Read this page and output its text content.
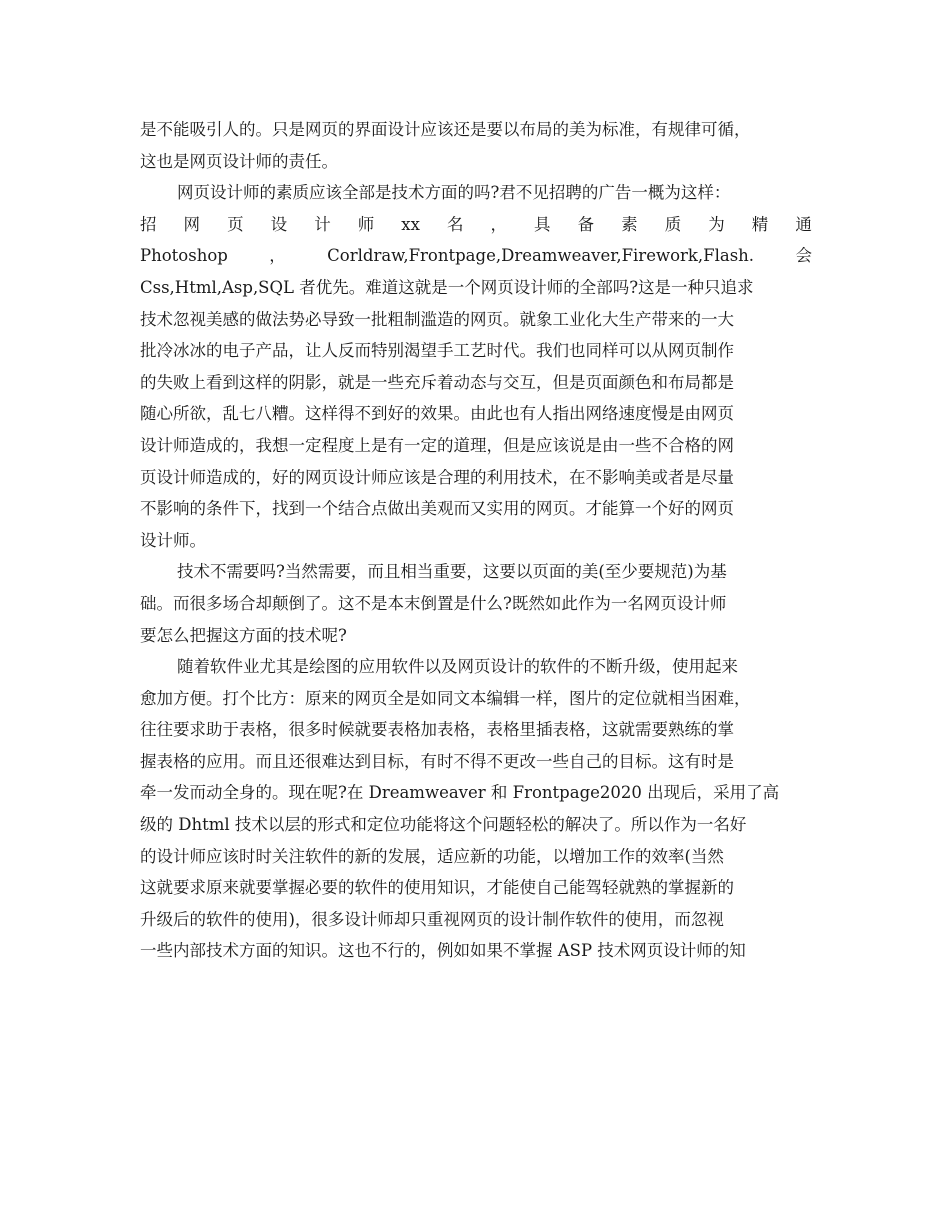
是不能吸引人的。只是网页的界面设计应该还是要以布局的美为标准，有规律可循，
这也是网页设计师的责任。
网页设计师的素质应该全部是技术方面的吗?君不见招聘的广告一概为这样：
招 网 页 设 计 师 xx 名 ， 具 备 素 质 为 精 通
Photoshop	，	Corldraw,Frontpage,Dreamweaver,Firework,Flash.	会
Css,Html,Asp,SQL 者优先。难道这就是一个网页设计师的全部吗?这是一种只追求
技术忽视美感的做法势必导致一批粗制滥造的网页。就象工业化大生产带来的一大
批冷冰冰的电子产品，让人反而特别渴望手工艺时代。我们也同样可以从网页制作
的失败上看到这样的阴影，就是一些充斥着动态与交互，但是页面颜色和布局都是
随心所欲，乱七八糟。这样得不到好的效果。由此也有人指出网络速度慢是由网页
设计师造成的，我想一定程度上是有一定的道理，但是应该说是由一些不合格的网
页设计师造成的，好的网页设计师应该是合理的利用技术，在不影响美或者是尽量
不影响的条件下，找到一个结合点做出美观而又实用的网页。才能算一个好的网页
设计师。
技术不需要吗?当然需要，而且相当重要，这要以页面的美(至少要规范)为基
础。而很多场合却颠倒了。这不是本末倒置是什么?既然如此作为一名网页设计师
要怎么把握这方面的技术呢?
随着软件业尤其是绘图的应用软件以及网页设计的软件的不断升级，使用起来
愈加方便。打个比方：原来的网页全是如同文本编辑一样，图片的定位就相当困难，
往往要求助于表格，很多时候就要表格加表格，表格里插表格，这就需要熟练的掌
握表格的应用。而且还很难达到目标，有时不得不更改一些自己的目标。这有时是
牵一发而动全身的。现在呢?在 Dreamweaver 和 Frontpage2020 出现后，采用了高
级的 Dhtml 技术以层的形式和定位功能将这个问题轻松的解决了。所以作为一名好
的设计师应该时时关注软件的新的发展，适应新的功能，以增加工作的效率(当然
这就要求原来就要掌握必要的软件的使用知识，才能使自己能驾轻就熟的掌握新的
升级后的软件的使用)，很多设计师却只重视网页的设计制作软件的使用，而忽视
一些内部技术方面的知识。这也不行的，例如如果不掌握 ASP 技术网页设计师的知
